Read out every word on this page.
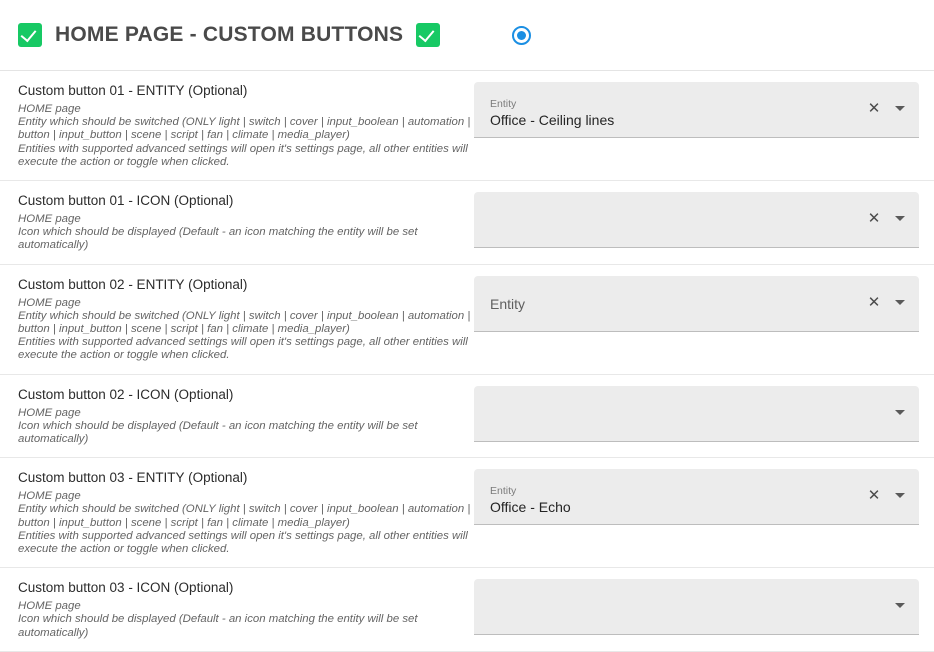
HOME PAGE - CUSTOM BUTTONS
Custom button 01 - ENTITY (Optional)
HOME page
Entity which should be switched (ONLY light | switch | cover | input_boolean | automation |
button | input_button | scene | script | fan | climate | media_player)
Entities with supported advanced settings will open it's settings page, all other entities will
execute the action or toggle when clicked.
Entity
Office - Ceiling lines
✕
Custom button 01 - ICON (Optional)
HOME page
Icon which should be displayed (Default - an icon matching the entity will be set
automatically)
✕
Custom button 02 - ENTITY (Optional)
HOME page
Entity which should be switched (ONLY light | switch | cover | input_boolean | automation |
button | input_button | scene | script | fan | climate | media_player)
Entities with supported advanced settings will open it's settings page, all other entities will
execute the action or toggle when clicked.
Entity	✕
Custom button 02 - ICON (Optional)
HOME page
Icon which should be displayed (Default - an icon matching the entity will be set
automatically)
Custom button 03 - ENTITY (Optional)
HOME page
Entity which should be switched (ONLY light | switch | cover | input_boolean | automation |
button | input_button | scene | script | fan | climate | media_player)
Entities with supported advanced settings will open it's settings page, all other entities will
execute the action or toggle when clicked.
Entity
Office - Echo
✕
Custom button 03 - ICON (Optional)
HOME page
Icon which should be displayed (Default - an icon matching the entity will be set
automatically)
